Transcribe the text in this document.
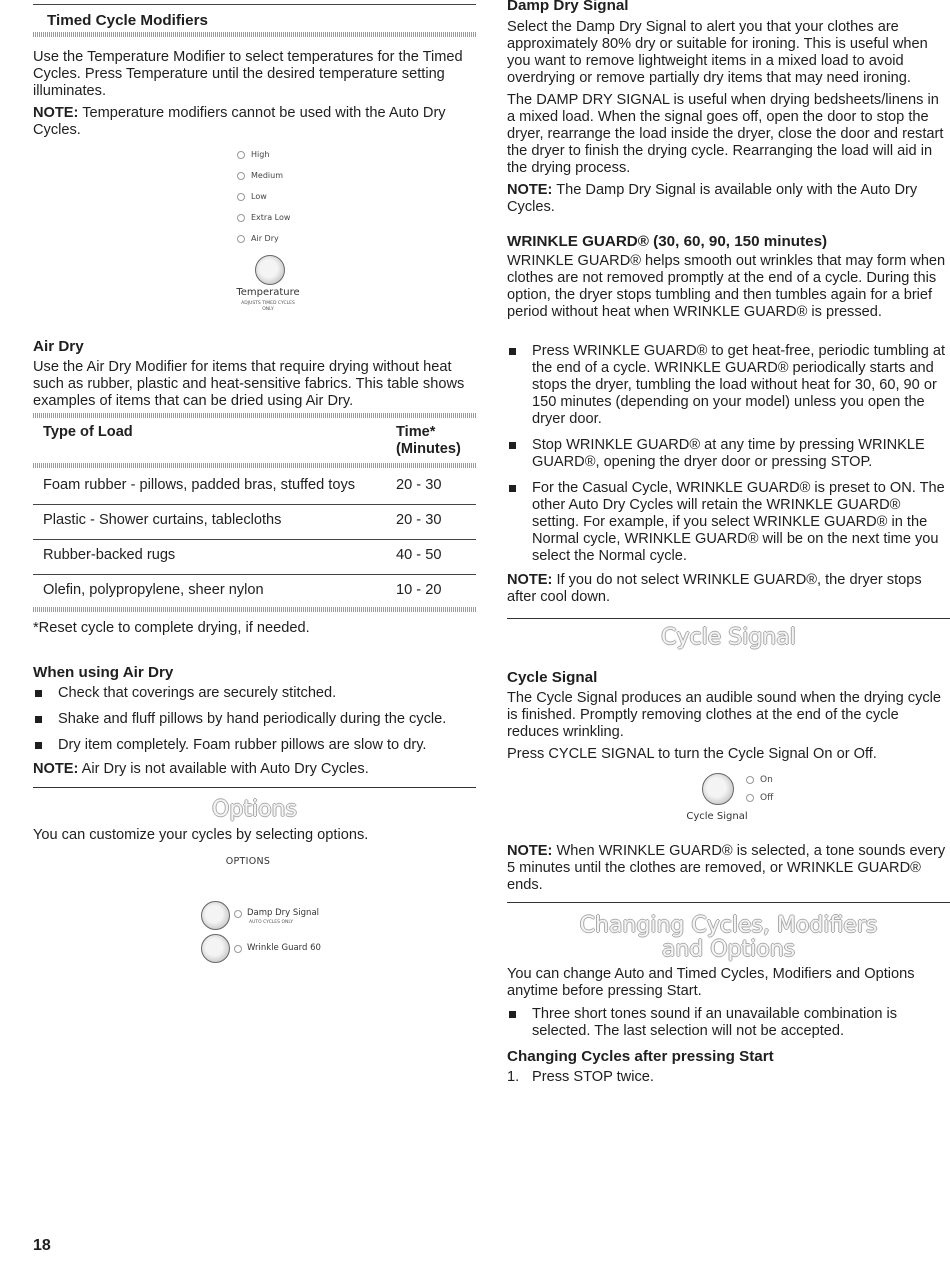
Timed Cycle Modifiers

Use the Temperature Modifier to select temperatures for the Timed Cycles. Press Temperature until the desired temperature setting illuminates.

NOTE: Temperature modifiers cannot be used with the Auto Dry Cycles.

High
Medium
Low
Extra Low
Air Dry
Temperature
ADJUSTS TIMED CYCLES
ONLY
Air Dry

Use the Air Dry Modifier for items that require drying without heat such as rubber, plastic and heat-sensitive fabrics. This table shows examples of items that can be dried using Air Dry.

Type of Load	Time*
(Minutes)
Foam rubber - pillows, padded bras, stuffed toys	20 - 30
Plastic - Shower curtains, tablecloths	20 - 30
Rubber-backed rugs	40 - 50
Olefin, polypropylene, sheer nylon	10 - 20

*Reset cycle to complete drying, if needed.

When using Air Dry
Check that coverings are securely stitched.
Shake and fluff pillows by hand periodically during the cycle.
Dry item completely. Foam rubber pillows are slow to dry.

NOTE: Air Dry is not available with Auto Dry Cycles.

Options

You can customize your cycles by selecting options.

OPTIONS
Damp Dry Signal
AUTO CYCLES ONLY
Wrinkle Guard 60
18
Damp Dry Signal

Select the Damp Dry Signal to alert you that your clothes are approximately 80% dry or suitable for ironing. This is useful when you want to remove lightweight items in a mixed load to avoid overdrying or remove partially dry items that may need ironing.

The DAMP DRY SIGNAL is useful when drying bedsheets/linens in a mixed load. When the signal goes off, open the door to stop the dryer, rearrange the load inside the dryer, close the door and restart the dryer to finish the drying cycle. Rearranging the load will aid in the drying process.

NOTE: The Damp Dry Signal is available only with the Auto Dry Cycles.

WRINKLE GUARD® (30, 60, 90, 150 minutes)

WRINKLE GUARD® helps smooth out wrinkles that may form when clothes are not removed promptly at the end of a cycle. During this option, the dryer stops tumbling and then tumbles again for a brief period without heat when WRINKLE GUARD® is pressed.

Press WRINKLE GUARD® to get heat-free, periodic tumbling at the end of a cycle. WRINKLE GUARD® periodically starts and stops the dryer, tumbling the load without heat for 30, 60, 90 or 150 minutes (depending on your model) unless you open the dryer door.
Stop WRINKLE GUARD® at any time by pressing WRINKLE GUARD®, opening the dryer door or pressing STOP.
For the Casual Cycle, WRINKLE GUARD® is preset to ON. The other Auto Dry Cycles will retain the WRINKLE GUARD® setting. For example, if you select WRINKLE GUARD® in the Normal cycle, WRINKLE GUARD® will be on the next time you select the Normal cycle.

NOTE: If you do not select WRINKLE GUARD®, the dryer stops after cool down.

Cycle Signal
Cycle Signal

The Cycle Signal produces an audible sound when the drying cycle is finished. Promptly removing clothes at the end of the cycle reduces wrinkling.

Press CYCLE SIGNAL to turn the Cycle Signal On or Off.

On
Off
Cycle Signal

NOTE: When WRINKLE GUARD® is selected, a tone sounds every 5 minutes until the clothes are removed, or WRINKLE GUARD® ends.

Changing Cycles, Modifiers
and Options

You can change Auto and Timed Cycles, Modifiers and Options anytime before pressing Start.

Three short tones sound if an unavailable combination is selected. The last selection will not be accepted.
Changing Cycles after pressing Start
1. Press STOP twice.
